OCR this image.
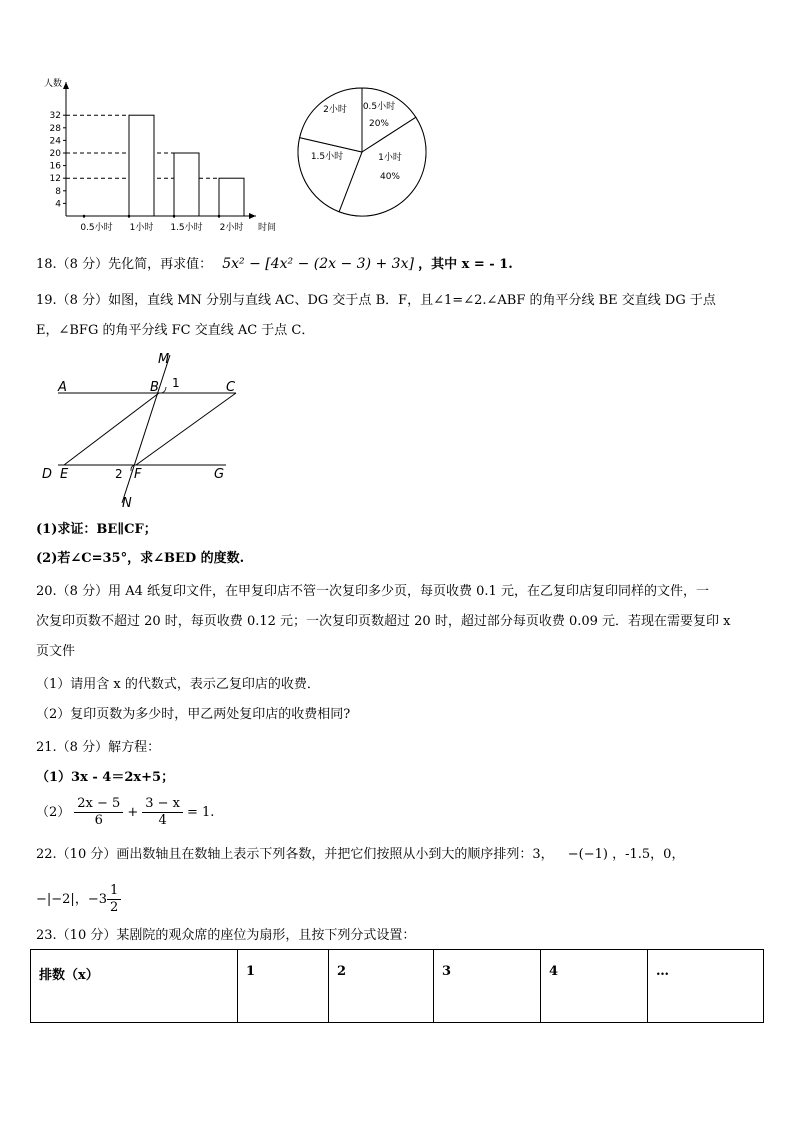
人数
时间
4
8
12
16
20
24
28
32
0.5小时 1小时 1.5小时 2小时
0.5小时
20%
1小时
40%
1.5小时
2小时
18.（8 分）先化简，再求值： 5x² − [4x² − (2x − 3) + 3x] ，其中 x = - 1.
19.（8 分）如图，直线 MN 分别与直线 AC、DG 交于点 B．F，且∠1=∠2.∠ABF 的角平分线 BE 交直线 DG 于点
E，∠BFG 的角平分线 FC 交直线 AC 于点 C．
M
A	B 1	C
D E	2 F	G
N
(1)求证：BE∥CF；
(2)若∠C=35°，求∠BED 的度数.
20.（8 分）用 A4 纸复印文件，在甲复印店不管一次复印多少页，每页收费 0.1 元，在乙复印店复印同样的文件，一
次复印页数不超过 20 时，每页收费 0.12 元；一次复印页数超过 20 时，超过部分每页收费 0.09 元．若现在需要复印 x
页文件
（1）请用含 x 的代数式，表示乙复印店的收费．
（2）复印页数为多少时，甲乙两处复印店的收费相同?
21.（8 分）解方程：
（1）3x - 4＝2x+5；
$(2) \frac{2x - 5}{6} + \frac{3 - x}{4} = 1$.
22.（10 分）画出数轴且在数轴上表示下列各数，并把它们按照从小到大的顺序排列：3， −(−1) ，-1.5，0，
−|−2| ，$-3 \frac{1}{2}$
23.（10 分）某剧院的观众席的座位为扇形，且按下列分式设置：
排数（x）	1	2	3	4	…
